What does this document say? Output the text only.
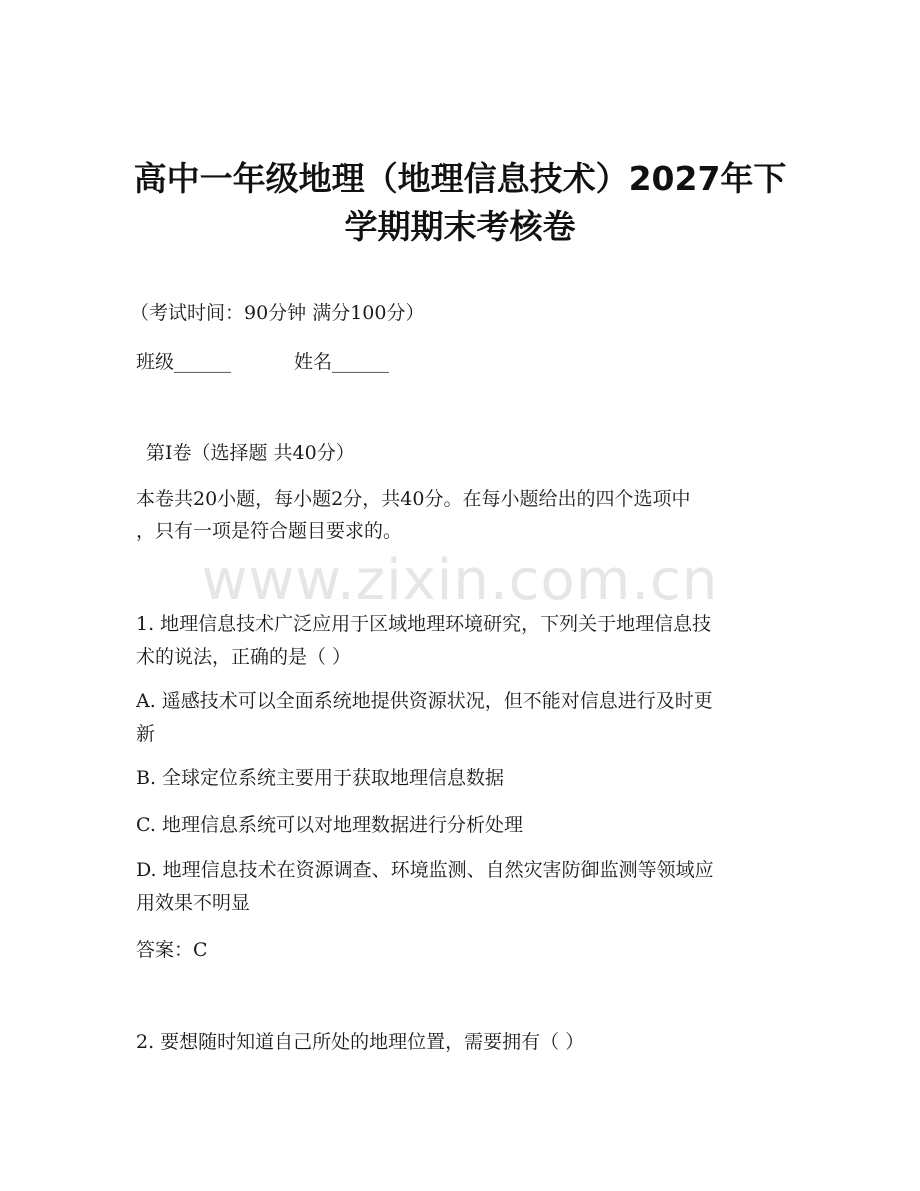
高中一年级地理（地理信息技术）2027年下
学期期末考核卷
（考试时间：90分钟 满分100分）
班级______	姓名______
第I卷（选择题 共40分）
本卷共20小题，每小题2分，共40分。在每小题给出的四个选项中
，只有一项是符合题目要求的。
www.zixin.com.cn
1. 地理信息技术广泛应用于区域地理环境研究，下列关于地理信息技
术的说法，正确的是（ ）
A. 遥感技术可以全面系统地提供资源状况，但不能对信息进行及时更
新
B. 全球定位系统主要用于获取地理信息数据
C. 地理信息系统可以对地理数据进行分析处理
D. 地理信息技术在资源调查、环境监测、自然灾害防御监测等领域应
用效果不明显
答案：C
2. 要想随时知道自己所处的地理位置，需要拥有（ ）
